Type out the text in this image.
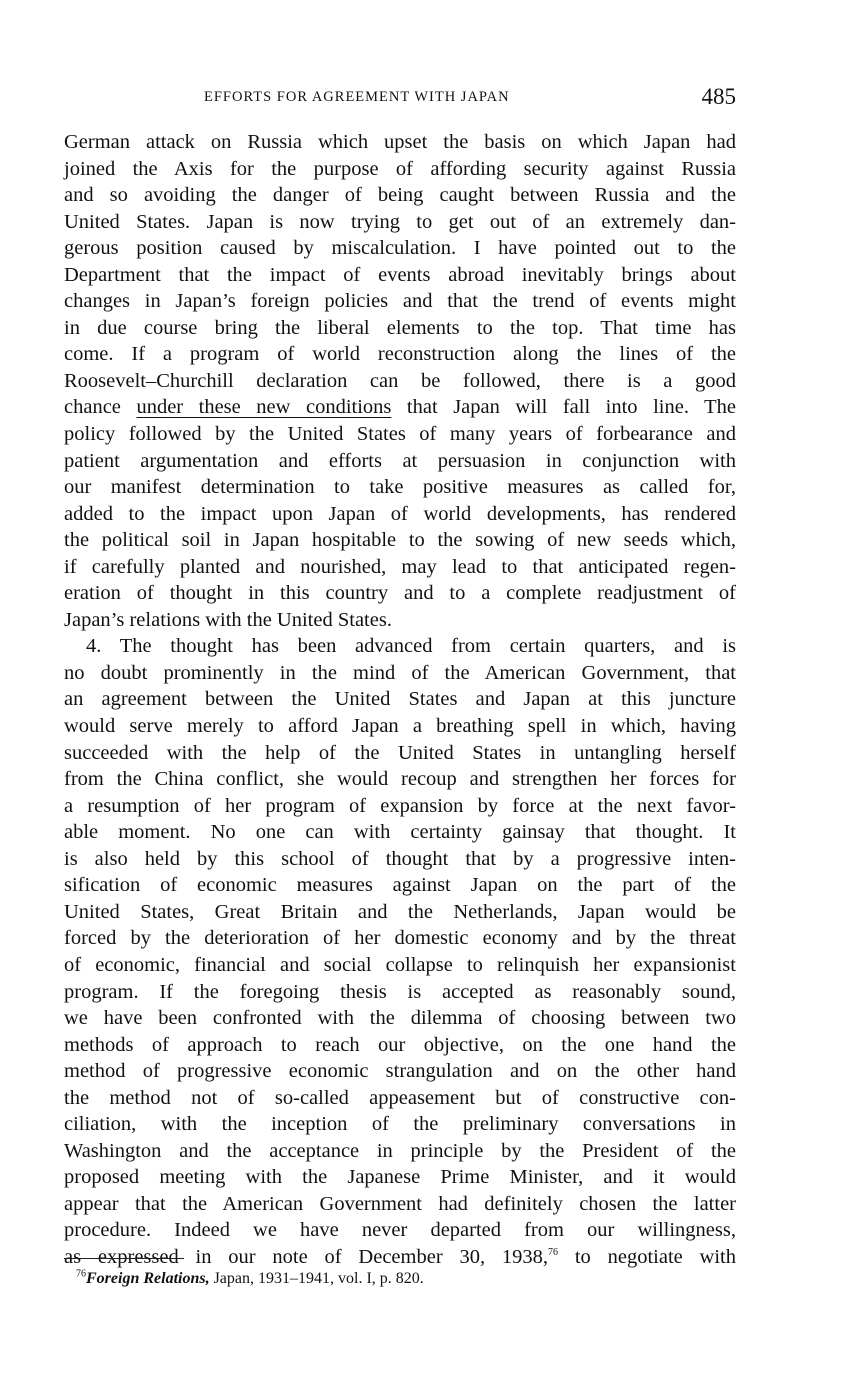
EFFORTS FOR AGREEMENT WITH JAPAN	485
German attack on Russia which upset the basis on which Japan had
joined the Axis for the purpose of affording security against Russia
and so avoiding the danger of being caught between Russia and the
United States. Japan is now trying to get out of an extremely dan-
gerous position caused by miscalculation. I have pointed out to the
Department that the impact of events abroad inevitably brings about
changes in Japan’s foreign policies and that the trend of events might
in due course bring the liberal elements to the top. That time has
come. If a program of world reconstruction along the lines of the
Roosevelt–Churchill declaration can be followed, there is a good
chance under these new conditions that Japan will fall into line. The
policy followed by the United States of many years of forbearance and
patient argumentation and efforts at persuasion in conjunction with
our manifest determination to take positive measures as called for,
added to the impact upon Japan of world developments, has rendered
the political soil in Japan hospitable to the sowing of new seeds which,
if carefully planted and nourished, may lead to that anticipated regen-
eration of thought in this country and to a complete readjustment of
Japan’s relations with the United States.
4. The thought has been advanced from certain quarters, and is
no doubt prominently in the mind of the American Government, that
an agreement between the United States and Japan at this juncture
would serve merely to afford Japan a breathing spell in which, having
succeeded with the help of the United States in untangling herself
from the China conflict, she would recoup and strengthen her forces for
a resumption of her program of expansion by force at the next favor-
able moment. No one can with certainty gainsay that thought. It
is also held by this school of thought that by a progressive inten-
sification of economic measures against Japan on the part of the
United States, Great Britain and the Netherlands, Japan would be
forced by the deterioration of her domestic economy and by the threat
of economic, financial and social collapse to relinquish her expansionist
program. If the foregoing thesis is accepted as reasonably sound,
we have been confronted with the dilemma of choosing between two
methods of approach to reach our objective, on the one hand the
method of progressive economic strangulation and on the other hand
the method not of so-called appeasement but of constructive con-
ciliation, with the inception of the preliminary conversations in
Washington and the acceptance in principle by the President of the
proposed meeting with the Japanese Prime Minister, and it would
appear that the American Government had definitely chosen the latter
procedure. Indeed we have never departed from our willingness,
as expressed in our note of December 30, 1938,76 to negotiate with
$^{76}$Foreign Relations, Japan, 1931–1941, vol. I, p. 820.
